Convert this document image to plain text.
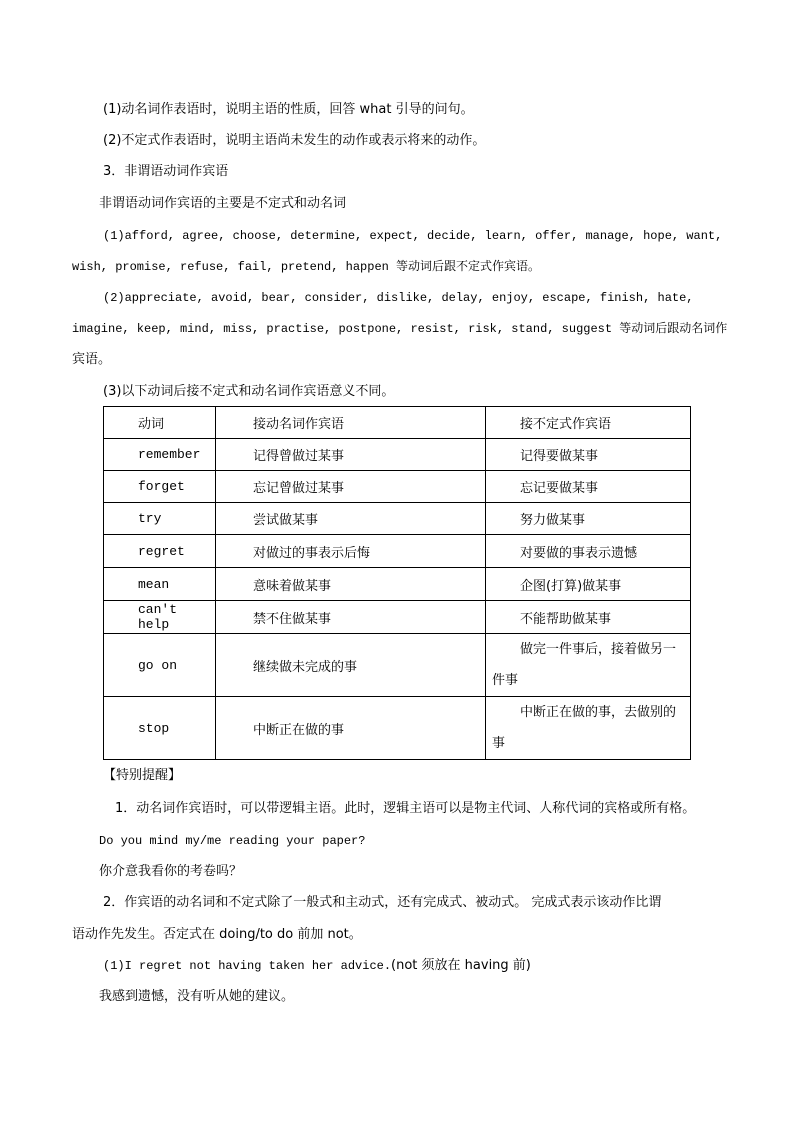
(1)动名词作表语时，说明主语的性质，回答 what 引导的问句。
(2)不定式作表语时，说明主语尚未发生的动作或表示将来的动作。
3．非谓语动词作宾语
非谓语动词作宾语的主要是不定式和动名词
(1)afford, agree, choose, determine, expect, decide, learn, offer, manage, hope, want,
wish, promise, refuse, fail, pretend, happen 等动词后跟不定式作宾语。
(2)appreciate, avoid, bear, consider, dislike, delay, enjoy, escape, finish, hate,
imagine, keep, mind, miss, practise, postpone, resist, risk, stand, suggest 等动词后跟动名词作
宾语。
(3)以下动词后接不定式和动名词作宾语意义不同。
动词	接动名词作宾语	接不定式作宾语
remember	记得曾做过某事	记得要做某事
forget	忘记曾做过某事	忘记要做某事
try	尝试做某事	努力做某事
regret	对做过的事表示后悔	对要做的事表示遗憾
mean	意味着做某事	企图(打算)做某事
can't help	禁不住做某事	不能帮助做某事
go on	继续做未完成的事	做完一件事后，接着做另一
件事
stop	中断正在做的事	中断正在做的事，去做别的
事
【特别提醒】
1．动名词作宾语时，可以带逻辑主语。此时，逻辑主语可以是物主代词、人称代词的宾格或所有格。
Do you mind my/me reading your paper?
你介意我看你的考卷吗？
2．作宾语的动名词和不定式除了一般式和主动式，还有完成式、被动式。 完成式表示该动作比谓
语动作先发生。否定式在 doing/to do 前加 not。
(1)I regret not having taken her advice.(not 须放在 having 前)
我感到遗憾，没有听从她的建议。
